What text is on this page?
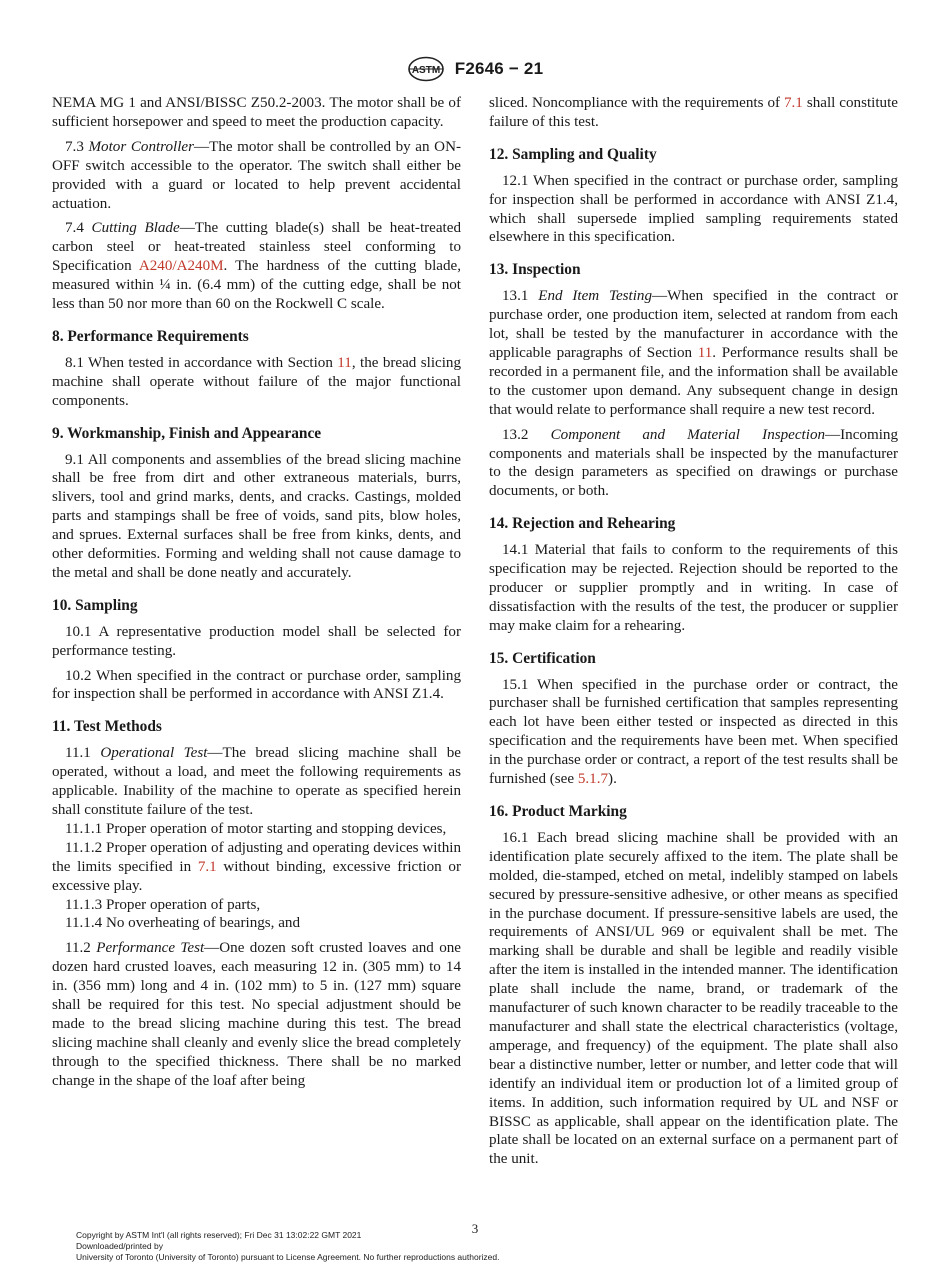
ASTM F2646 − 21

NEMA MG 1 and ANSI/BISSC Z50.2-2003. The motor shall be of sufficient horsepower and speed to meet the production capacity.

7.3 Motor Controller—The motor shall be controlled by an ON-OFF switch accessible to the operator. The switch shall either be provided with a guard or located to help prevent accidental actuation.

7.4 Cutting Blade—The cutting blade(s) shall be heat-treated carbon steel or heat-treated stainless steel conforming to Specification A240/A240M. The hardness of the cutting blade, measured within ¼ in. (6.4 mm) of the cutting edge, shall be not less than 50 nor more than 60 on the Rockwell C scale.

8. Performance Requirements

8.1 When tested in accordance with Section 11, the bread slicing machine shall operate without failure of the major functional components.

9. Workmanship, Finish and Appearance

9.1 All components and assemblies of the bread slicing machine shall be free from dirt and other extraneous materials, burrs, slivers, tool and grind marks, dents, and cracks. Castings, molded parts and stampings shall be free of voids, sand pits, blow holes, and sprues. External surfaces shall be free from kinks, dents, and other deformities. Forming and welding shall not cause damage to the metal and shall be done neatly and accurately.

10. Sampling

10.1 A representative production model shall be selected for performance testing.

10.2 When specified in the contract or purchase order, sampling for inspection shall be performed in accordance with ANSI Z1.4.

11. Test Methods

11.1 Operational Test—The bread slicing machine shall be operated, without a load, and meet the following requirements as applicable. Inability of the machine to operate as specified herein shall constitute failure of the test.

11.1.1 Proper operation of motor starting and stopping devices,

11.1.2 Proper operation of adjusting and operating devices within the limits specified in 7.1 without binding, excessive friction or excessive play.

11.1.3 Proper operation of parts,

11.1.4 No overheating of bearings, and

11.2 Performance Test—One dozen soft crusted loaves and one dozen hard crusted loaves, each measuring 12 in. (305 mm) to 14 in. (356 mm) long and 4 in. (102 mm) to 5 in. (127 mm) square shall be required for this test. No special adjustment should be made to the bread slicing machine during this test. The bread slicing machine shall cleanly and evenly slice the bread completely through to the specified thickness. There shall be no marked change in the shape of the loaf after being

sliced. Noncompliance with the requirements of 7.1 shall constitute failure of this test.

12. Sampling and Quality

12.1 When specified in the contract or purchase order, sampling for inspection shall be performed in accordance with ANSI Z1.4, which shall supersede implied sampling requirements stated elsewhere in this specification.

13. Inspection

13.1 End Item Testing—When specified in the contract or purchase order, one production item, selected at random from each lot, shall be tested by the manufacturer in accordance with the applicable paragraphs of Section 11. Performance results shall be recorded in a permanent file, and the information shall be available to the customer upon demand. Any subsequent change in design that would relate to performance shall require a new test record.

13.2 Component and Material Inspection—Incoming components and materials shall be inspected by the manufacturer to the design parameters as specified on drawings or purchase documents, or both.

14. Rejection and Rehearing

14.1 Material that fails to conform to the requirements of this specification may be rejected. Rejection should be reported to the producer or supplier promptly and in writing. In case of dissatisfaction with the results of the test, the producer or supplier may make claim for a rehearing.

15. Certification

15.1 When specified in the purchase order or contract, the purchaser shall be furnished certification that samples representing each lot have been either tested or inspected as directed in this specification and the requirements have been met. When specified in the purchase order or contract, a report of the test results shall be furnished (see 5.1.7).

16. Product Marking

16.1 Each bread slicing machine shall be provided with an identification plate securely affixed to the item. The plate shall be molded, die-stamped, etched on metal, indelibly stamped on labels secured by pressure-sensitive adhesive, or other means as specified in the purchase document. If pressure-sensitive labels are used, the requirements of ANSI/UL 969 or equivalent shall be met. The marking shall be durable and shall be legible and readily visible after the item is installed in the intended manner. The identification plate shall include the name, brand, or trademark of the manufacturer of such known character to be readily traceable to the manufacturer and shall state the electrical characteristics (voltage, amperage, and frequency) of the equipment. The plate shall also bear a distinctive number, letter or number, and letter code that will identify an individual item or production lot of a limited group of items. In addition, such information required by UL and NSF or BISSC as applicable, shall appear on the identification plate. The plate shall be located on an external surface on a permanent part of the unit.

3
Copyright by ASTM Int'l (all rights reserved); Fri Dec 31 13:02:22 GMT 2021
Downloaded/printed by
University of Toronto (University of Toronto) pursuant to License Agreement. No further reproductions authorized.
